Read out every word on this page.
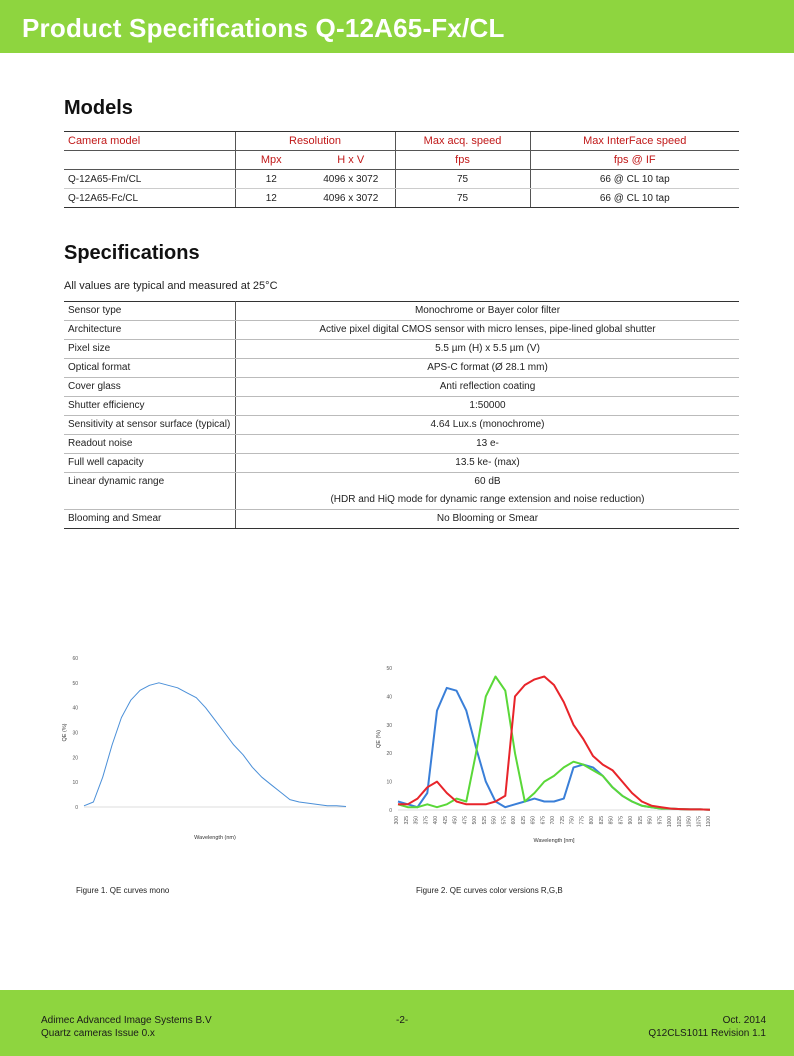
Product Specifications Q-12A65-Fx/CL
Models
Camera model	Resolution		Max acq. speed	Max InterFace speed
	Mpx	H x V	fps	fps @ IF
Q-12A65-Fm/CL	12	4096 x 3072	75	66 @ CL 10 tap
Q-12A65-Fc/CL	12	4096 x 3072	75	66 @ CL 10 tap
Specifications
All values are typical and measured at 25°C
Sensor type	Monochrome or Bayer color filter

Architecture	Active pixel digital CMOS sensor with micro lenses, pipe-lined global shutter

Pixel size	5.5 µm (H) x 5.5 µm (V)

Optical format	APS-C format (Ø 28.1 mm)

Cover glass	Anti reflection coating

Shutter efficiency	1:50000

Sensitivity at sensor surface (typical)	4.64 Lux.s (monochrome)

Readout noise	13 e-

Full well capacity	13.5 ke- (max)

Linear dynamic range	60 dB
(HDR and HiQ mode for dynamic range extension and noise reduction)

Blooming and Smear	No Blooming or Smear
0
10
20
30
40
50
60
Wavelength (nm)
QE (%)
0
10
20
30
40
50
300 325 350 375 400 425 450 475 500 525 550 575 600 625 650 675 700 725 750 775 800 825 850 875 900 925 950 975 1000 1025 1050 1075 1100
Wavelength [nm]
QE (%)
Figure 1. QE curves mono	Figure 2. QE curves color versions R,G,B
Adimec Advanced Image Systems B.V
Quartz cameras Issue 0.x
-2-	Oct. 2014
Q12CLS1011 Revision 1.1
